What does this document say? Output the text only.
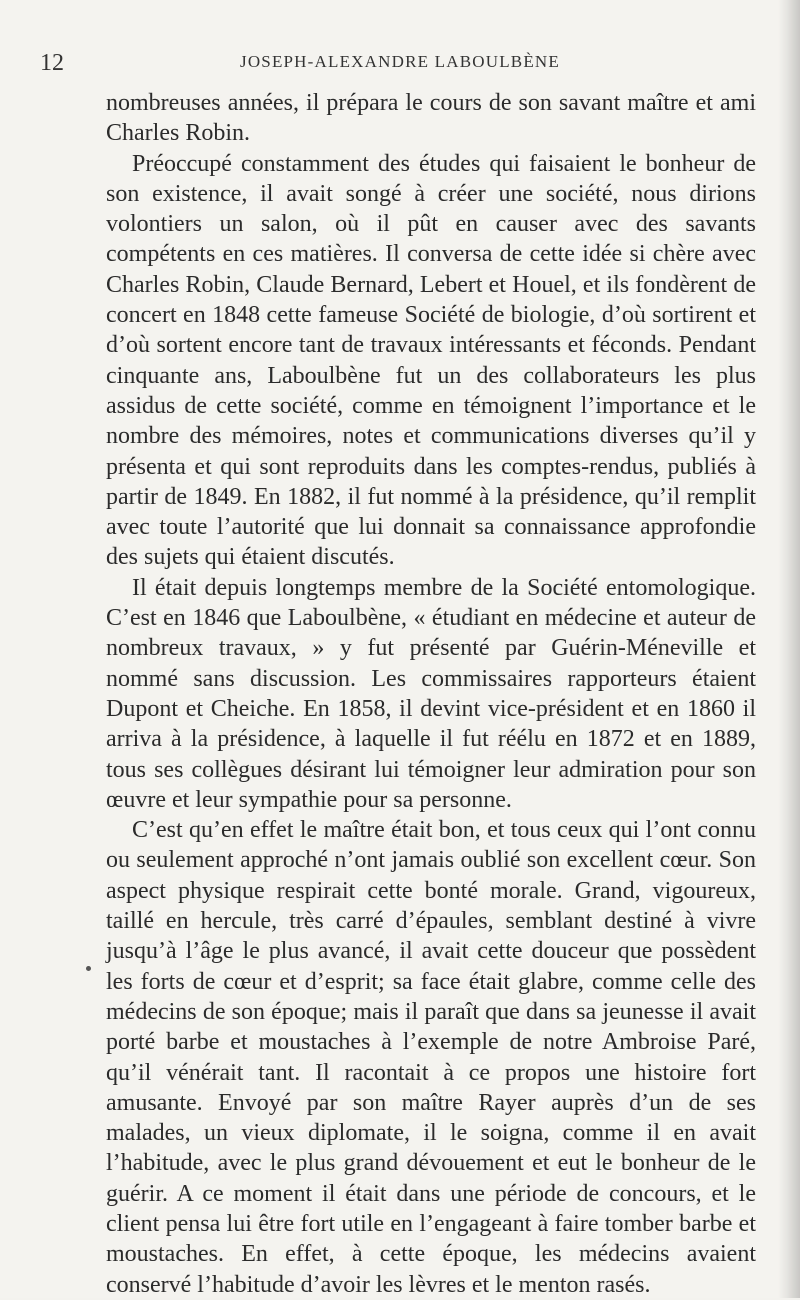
12	JOSEPH-ALEXANDRE LABOULBÈNE

nombreuses années, il prépara le cours de son savant maître et ami Charles Robin.

Préoccupé constamment des études qui faisaient le bonheur de son existence, il avait songé à créer une société, nous dirions volontiers un salon, où il pût en causer avec des savants compétents en ces matières. Il conversa de cette idée si chère avec Charles Robin, Claude Bernard, Lebert et Houel, et ils fondèrent de concert en 1848 cette fameuse Société de biologie, d’où sortirent et d’où sortent encore tant de travaux intéressants et féconds. Pendant cinquante ans, Laboulbène fut un des collaborateurs les plus assidus de cette société, comme en témoignent l’importance et le nombre des mémoires, notes et communications diverses qu’il y présenta et qui sont reproduits dans les comptes-rendus, publiés à partir de 1849. En 1882, il fut nommé à la présidence, qu’il remplit avec toute l’autorité que lui donnait sa connaissance approfondie des sujets qui étaient discutés.

Il était depuis longtemps membre de la Société entomologique. C’est en 1846 que Laboulbène, « étudiant en médecine et auteur de nombreux travaux, » y fut présenté par Guérin-Méneville et nommé sans discussion. Les commissaires rapporteurs étaient Dupont et Cheiche. En 1858, il devint vice-président et en 1860 il arriva à la présidence, à laquelle il fut réélu en 1872 et en 1889, tous ses collègues désirant lui témoigner leur admiration pour son œuvre et leur sympathie pour sa personne.

C’est qu’en effet le maître était bon, et tous ceux qui l’ont connu ou seulement approché n’ont jamais oublié son excellent cœur. Son aspect physique respirait cette bonté morale. Grand, vigoureux, taillé en hercule, très carré d’épaules, semblant destiné à vivre jusqu’à l’âge le plus avancé, il avait cette douceur que possèdent les forts de cœur et d’esprit; sa face était glabre, comme celle des médecins de son époque; mais il paraît que dans sa jeunesse il avait porté barbe et moustaches à l’exemple de notre Ambroise Paré, qu’il vénérait tant. Il racontait à ce propos une histoire fort amusante. Envoyé par son maître Rayer auprès d’un de ses malades, un vieux diplomate, il le soigna, comme il en avait l’habitude, avec le plus grand dévouement et eut le bonheur de le guérir. A ce moment il était dans une période de concours, et le client pensa lui être fort utile en l’engageant à faire tomber barbe et moustaches. En effet, à cette époque, les médecins avaient conservé l’habitude d’avoir les lèvres et le menton rasés.
